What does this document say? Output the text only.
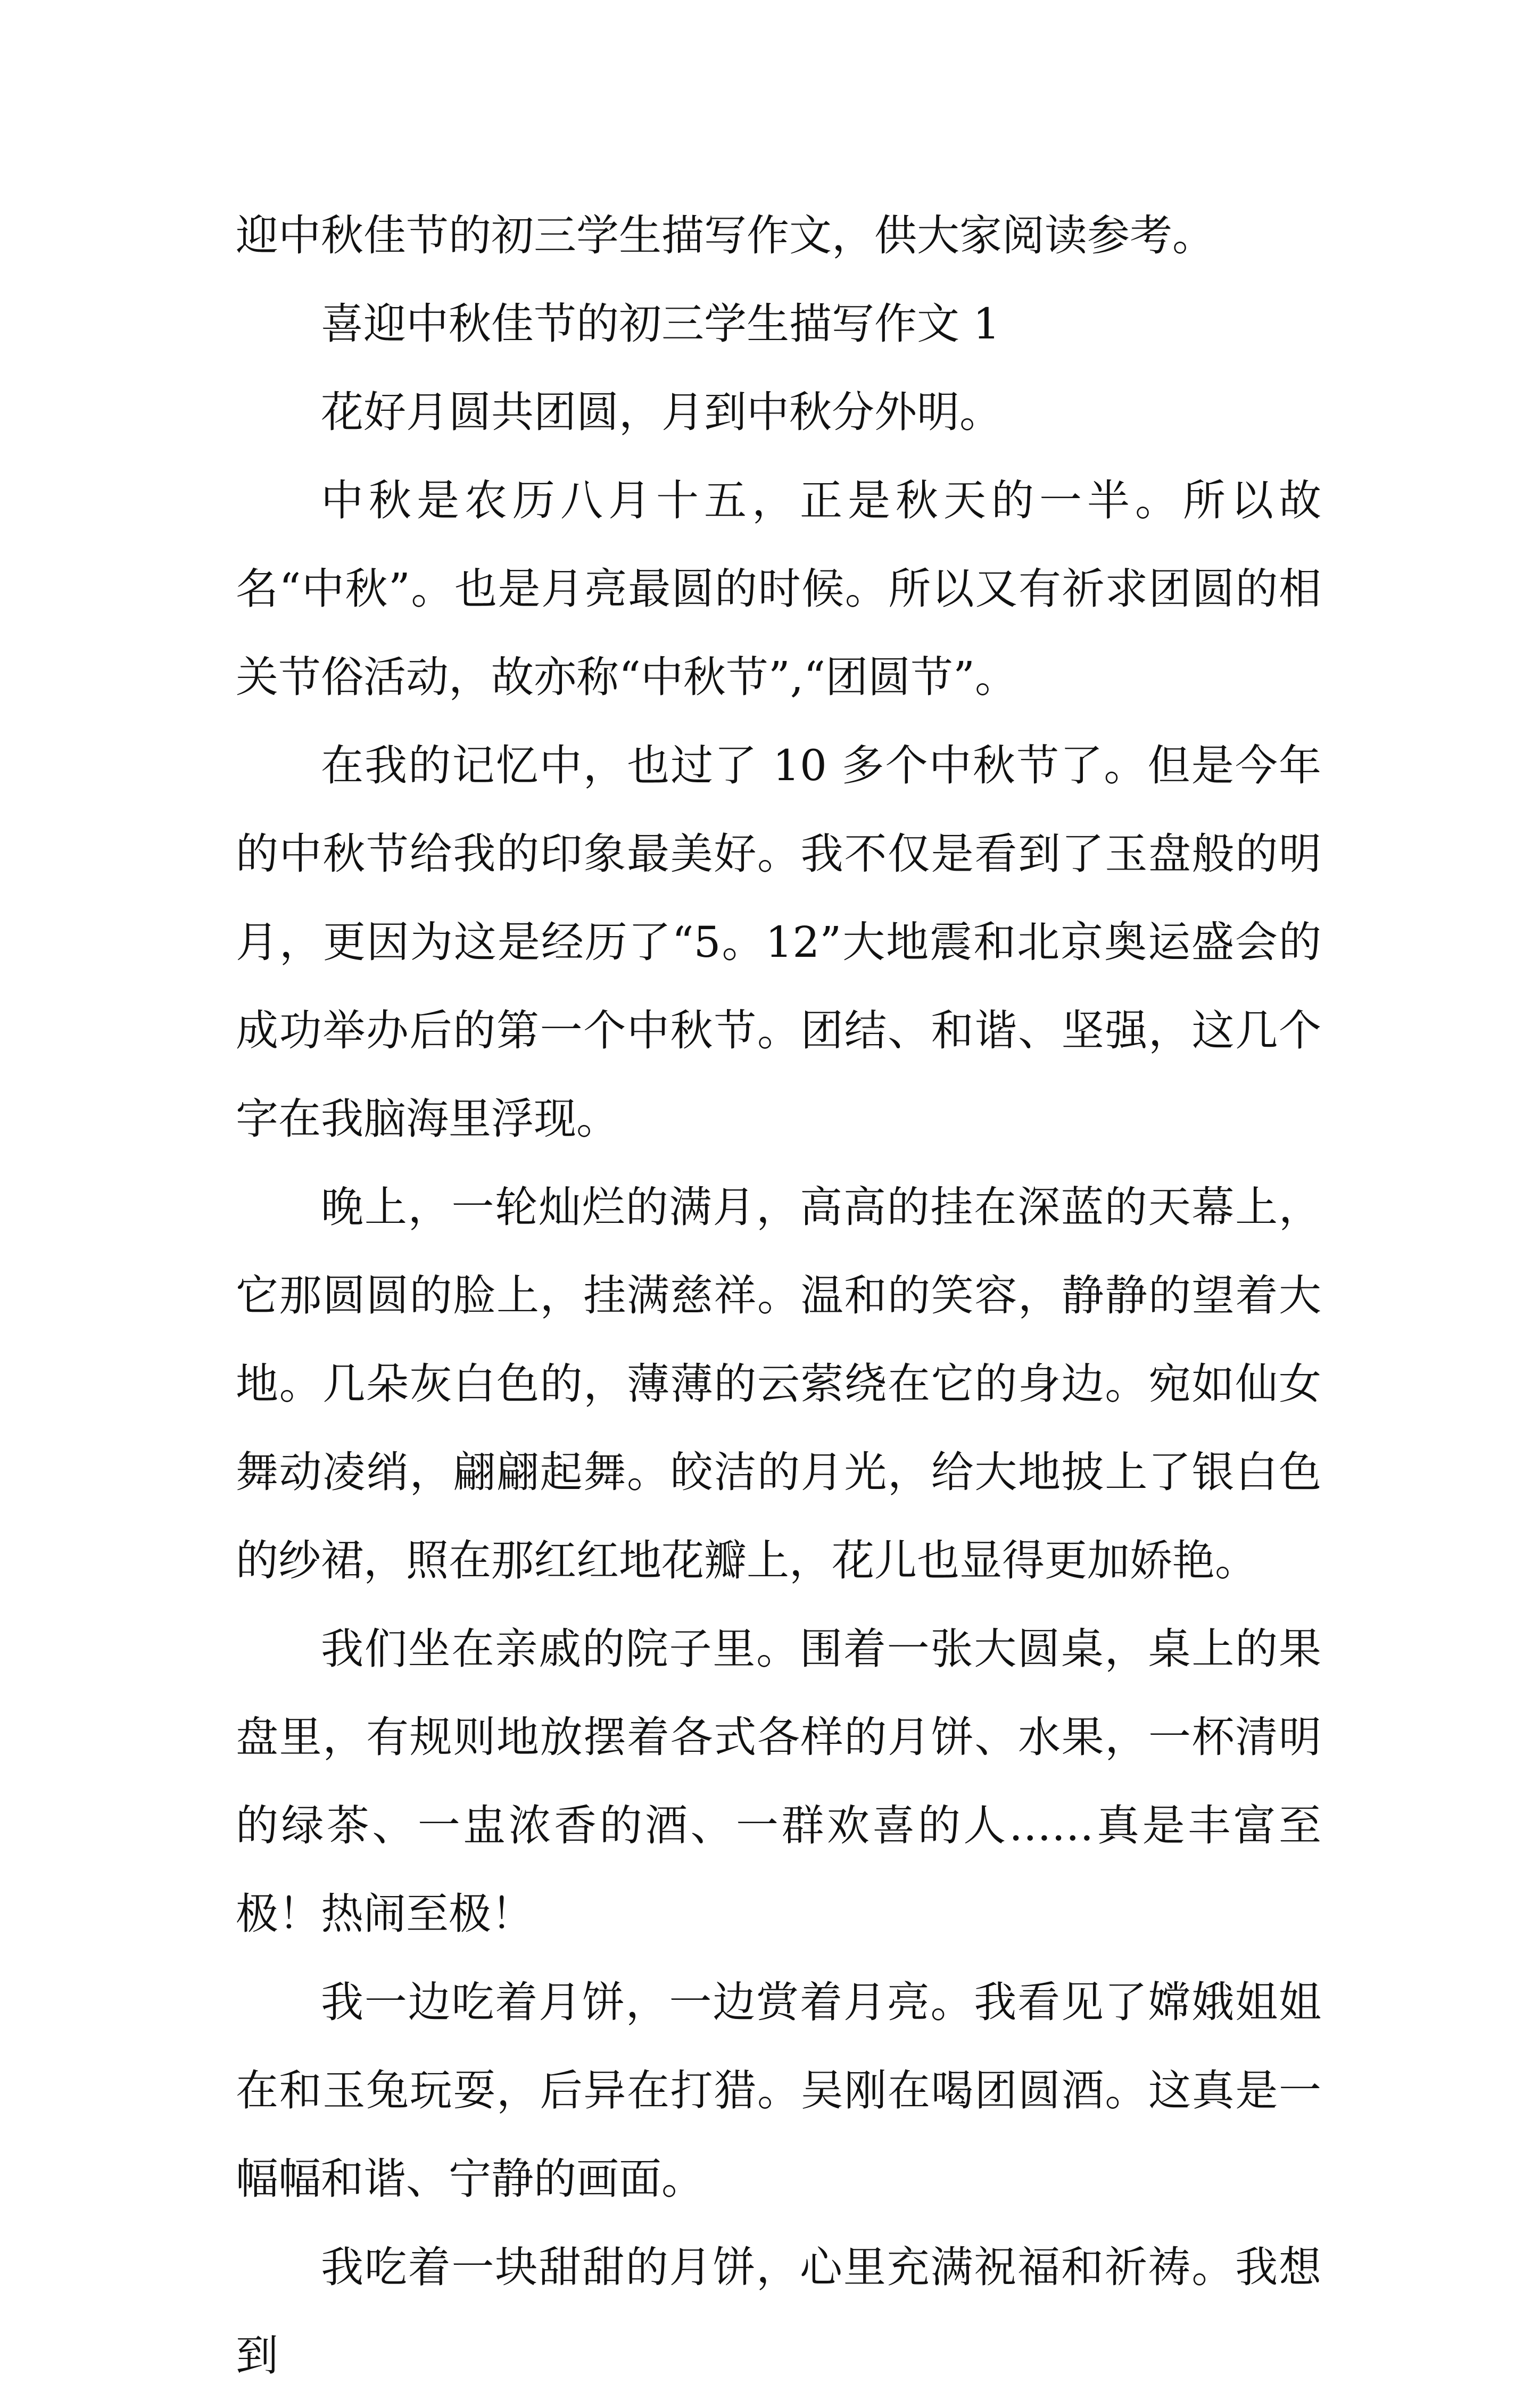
迎中秋佳节的初三学生描写作文，供大家阅读参考。

喜迎中秋佳节的初三学生描写作文 1

花好月圆共团圆，月到中秋分外明。

中秋是农历八月十五，正是秋天的一半。所以故名“中秋”。也是月亮最圆的时候。所以又有祈求团圆的相关节俗活动，故亦称“中秋节”,“团圆节”。

在我的记忆中，也过了 10 多个中秋节了。但是今年的中秋节给我的印象最美好。我不仅是看到了玉盘般的明月，更因为这是经历了“5。12”大地震和北京奥运盛会的成功举办后的第一个中秋节。团结、和谐、坚强，这几个字在我脑海里浮现。

晚上，一轮灿烂的满月，高高的挂在深蓝的天幕上，它那圆圆的脸上，挂满慈祥。温和的笑容，静静的望着大地。几朵灰白色的，薄薄的云萦绕在它的身边。宛如仙女舞动凌绡，翩翩起舞。皎洁的月光，给大地披上了银白色的纱裙，照在那红红地花瓣上，花儿也显得更加娇艳。

我们坐在亲戚的院子里。围着一张大圆桌，桌上的果盘里，有规则地放摆着各式各样的月饼、水果，一杯清明的绿茶、一盅浓香的酒、一群欢喜的人……真是丰富至极！热闹至极！

我一边吃着月饼，一边赏着月亮。我看见了嫦娥姐姐在和玉兔玩耍，后异在打猎。吴刚在喝团圆酒。这真是一幅幅和谐、宁静的画面。

我吃着一块甜甜的月饼，心里充满祝福和祈祷。我想到
